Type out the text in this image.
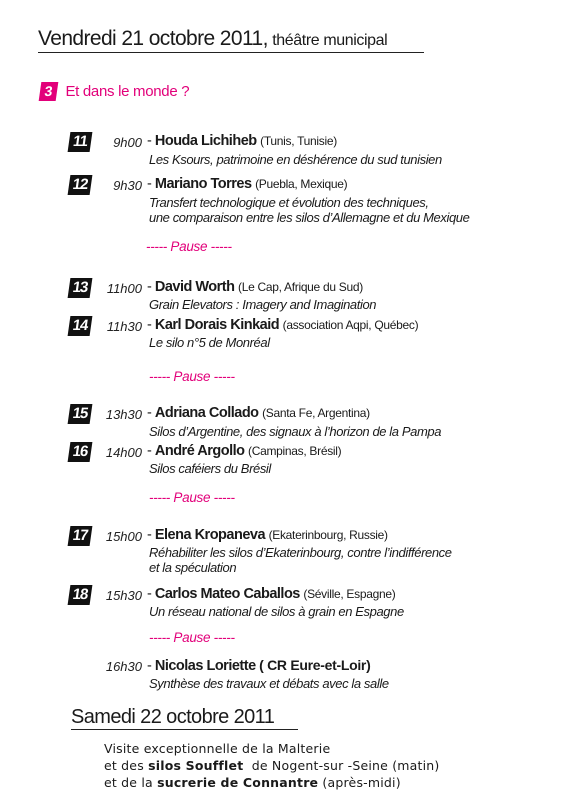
Vendredi 21 octobre 2011, théâtre municipal
3 Et dans le monde ?
11	9h00 - Houda Lichiheb (Tunis, Tunisie)
Les Ksours, patrimoine en déshérence du sud tunisien
12	9h30 - Mariano Torres (Puebla, Mexique)
Transfert technologique et évolution des techniques,
une comparaison entre les silos d’Allemagne et du Mexique
----- Pause -----
13	11h00 - David Worth (Le Cap, Afrique du Sud)
Grain Elevators : Imagery and Imagination
14	11h30 - Karl Dorais Kinkaid (association Aqpi, Québec)
Le silo n°5 de Monréal
----- Pause -----
15	13h30 - Adriana Collado (Santa Fe, Argentina)
Silos d’Argentine, des signaux à l’horizon de la Pampa
16	14h00 - André Argollo (Campinas, Brésil)
Silos caféiers du Brésil
----- Pause -----
17	15h00 - Elena Kropaneva (Ekaterinbourg, Russie)
Réhabiliter les silos d’Ekaterinbourg, contre l’indifférence
et la spéculation
18	15h30 - Carlos Mateo Caballos (Séville, Espagne)
Un réseau national de silos à grain en Espagne
----- Pause -----
16h30 - Nicolas Loriette ( CR Eure-et-Loir)
Synthèse des travaux et débats avec la salle
Samedi 22 octobre 2011
Visite exceptionnelle de la Malterie
et des silos Soufflet  de Nogent-sur -Seine (matin)
et de la sucrerie de Connantre (après-midi)
